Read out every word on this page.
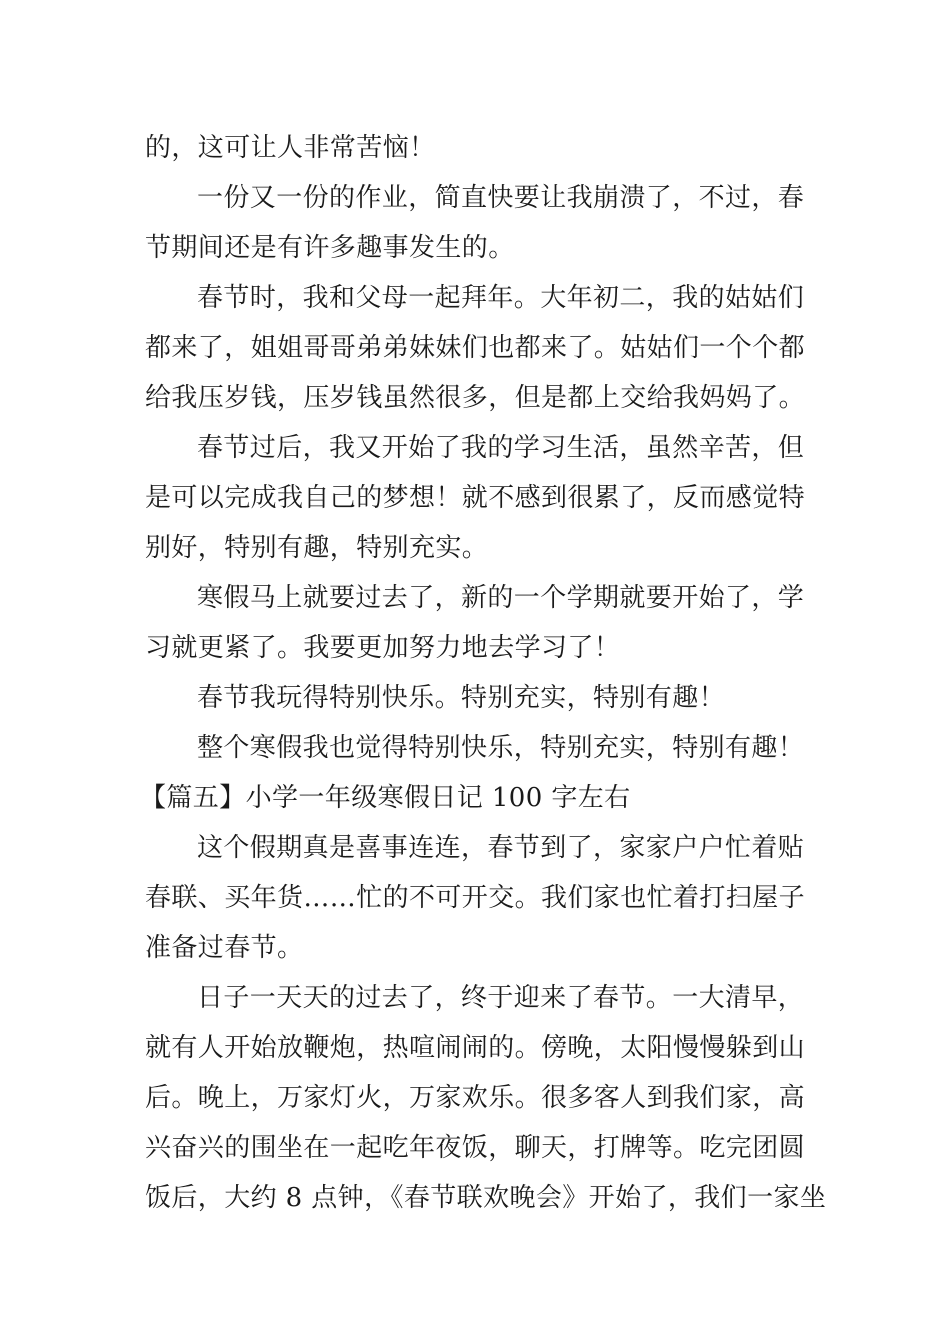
的，这可让人非常苦恼！
一份又一份的作业，简直快要让我崩溃了，不过，春
节期间还是有许多趣事发生的。
春节时，我和父母一起拜年。大年初二，我的姑姑们
都来了，姐姐哥哥弟弟妹妹们也都来了。姑姑们一个个都
给我压岁钱，压岁钱虽然很多，但是都上交给我妈妈了。
春节过后，我又开始了我的学习生活，虽然辛苦，但
是可以完成我自己的梦想！就不感到很累了，反而感觉特
别好，特别有趣，特别充实。
寒假马上就要过去了，新的一个学期就要开始了，学
习就更紧了。我要更加努力地去学习了！
春节我玩得特别快乐。特别充实，特别有趣！
整个寒假我也觉得特别快乐，特别充实，特别有趣！
【篇五】小学一年级寒假日记 100 字左右
这个假期真是喜事连连，春节到了，家家户户忙着贴
春联、买年货……忙的不可开交。我们家也忙着打扫屋子
准备过春节。
日子一天天的过去了，终于迎来了春节。一大清早，
就有人开始放鞭炮，热喧闹闹的。傍晚，太阳慢慢躲到山
后。晚上，万家灯火，万家欢乐。很多客人到我们家，高
兴奋兴的围坐在一起吃年夜饭，聊天，打牌等。吃完团圆
饭后，大约 8 点钟，《春节联欢晚会》开始了，我们一家坐
